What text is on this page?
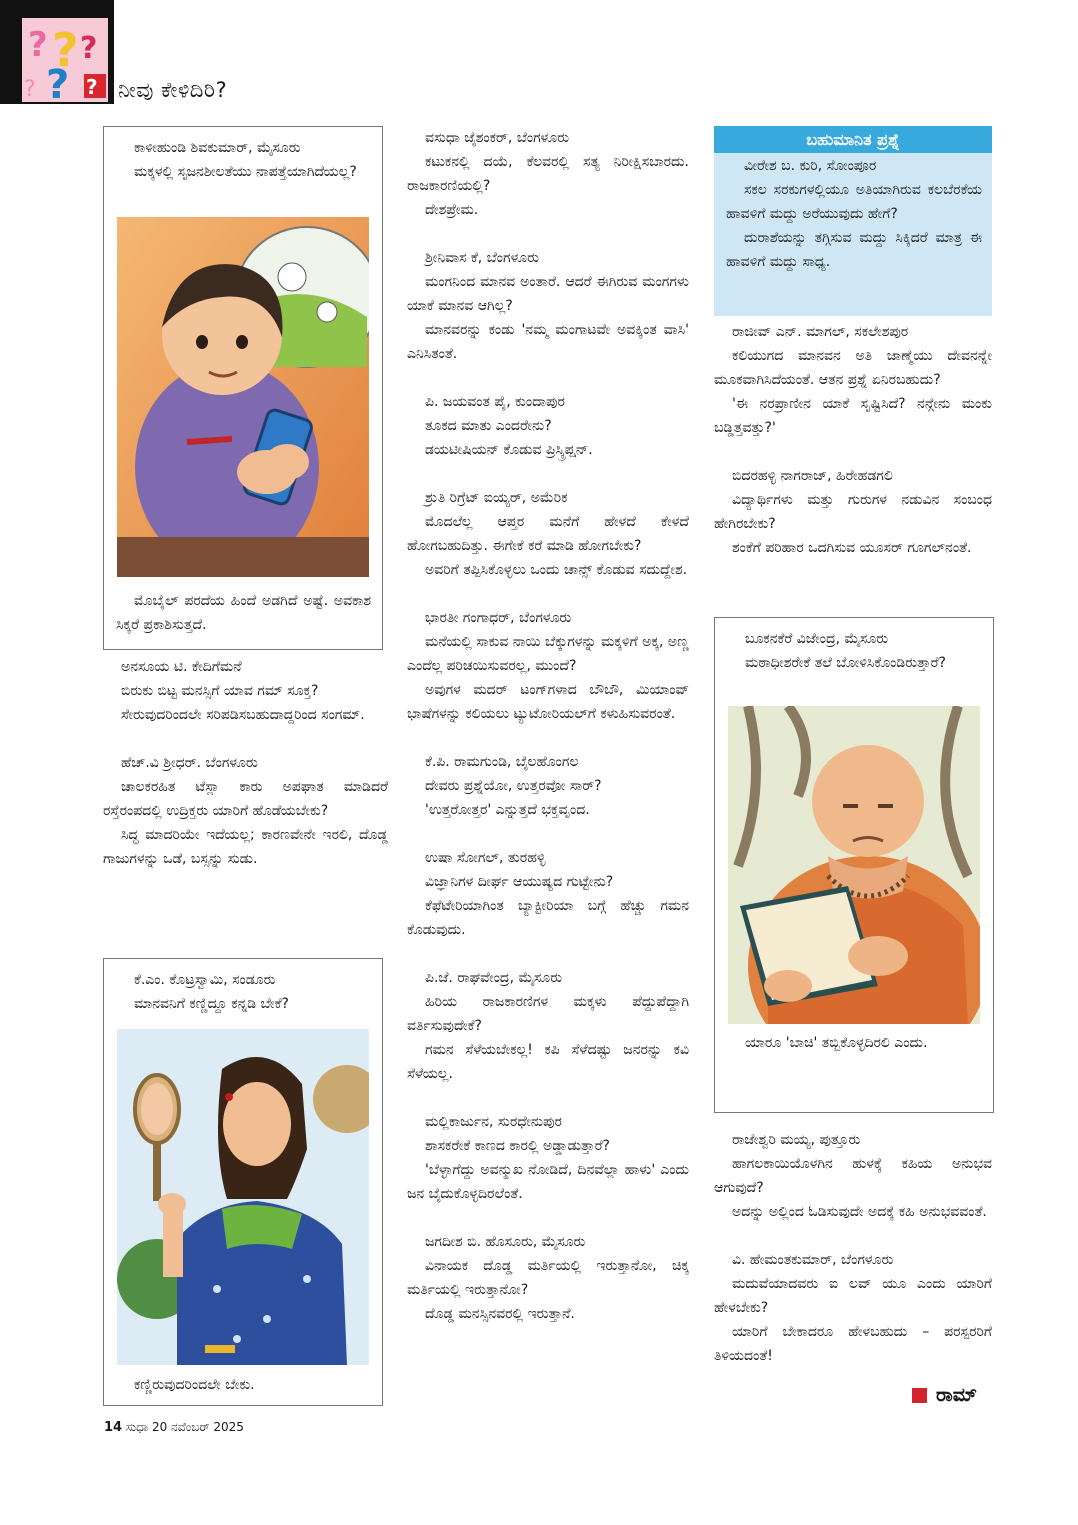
? ?
?
?
?
?	ನೀವು ಕೇಳಿದಿರಿ?

ಕಾಳೀಹುಂಡಿ ಶಿವಕುಮಾರ್, ಮೈಸೂರು

ಮಕ್ಕಳಲ್ಲಿ ಸೃಜನಶೀಲತೆಯು ನಾಪತ್ತೆಯಾಗಿದೆಯಲ್ಲ?

ಮೊಬೈಲ್ ಪರದೆಯ ಹಿಂದೆ ಅಡಗಿದೆ ಅಷ್ಟೆ. ಅವಕಾಶ ಸಿಕ್ಕರೆ ಪ್ರಕಾಶಿಸುತ್ತದೆ.

ಅನಸೂಯ ಟಿ. ಕೇದಿಗೆಮನೆ

ಬಿರುಕು ಬಿಟ್ಟ ಮನಸ್ಸಿಗೆ ಯಾವ ಗಮ್ ಸೂಕ್ತ?

ಸೇರುವುದರಿಂದಲೇ ಸರಿಪಡಿಸಬಹುದಾದ್ದರಿಂದ ಸಂಗಮ್.

ಹೆಚ್.ವಿ ಶ್ರೀಧರ್. ಬೆಂಗಳೂರು

ಚಾಲಕರಹಿತ ಟೆಸ್ಲಾ ಕಾರು ಅಪಘಾತ ಮಾಡಿದರೆ ರಸ್ತೆರಂಪದಲ್ಲಿ ಉದ್ರಿಕ್ತರು ಯಾರಿಗೆ ಹೊಡೆಯಬೇಕು?

ಸಿದ್ಧ ಮಾದರಿಯೇ ಇದೆಯಲ್ಲ; ಕಾರಣವೇನೇ ಇರಲಿ, ದೊಡ್ಡ ಗಾಜುಗಳನ್ನು ಒಡೆ, ಬಸ್ಸನ್ನು ಸುಡು.

ಕೆ.ಎಂ. ಕೊಟ್ರಸ್ವಾಮಿ, ಸಂಡೂರು

ಮಾನವನಿಗೆ ಕಣ್ಣಿದ್ದೂ ಕನ್ನಡಿ ಬೇಕೆ?

ಕಣ್ಣಿರುವುದರಿಂದಲೇ ಬೇಕು.

ವಸುಧಾ ಜೈಶಂಕರ್, ಬೆಂಗಳೂರು

ಕಟುಕನಲ್ಲಿ ದಯೆ, ಕೆಲವರಲ್ಲಿ ಸತ್ಯ ನಿರೀಕ್ಷಿಸಬಾರದು. ರಾಜಕಾರಣಿಯಲ್ಲಿ?

ದೇಶಪ್ರೇಮ.

ಶ್ರೀನಿವಾಸ ಕೆ, ಬೆಂಗಳೂರು

ಮಂಗನಿಂದ ಮಾನವ ಅಂತಾರೆ. ಆದರೆ ಈಗಿರುವ ಮಂಗಗಳು ಯಾಕೆ ಮಾನವ ಆಗಿಲ್ಲ?

ಮಾನವರನ್ನು ಕಂಡು 'ನಮ್ಮ ಮಂಗಾಟವೇ ಅವಕ್ಕಿಂತ ವಾಸಿ' ಎನಿಸಿತಂತೆ.

ಪಿ. ಜಯವಂತ ಪೈ, ಕುಂದಾಪುರ

ತೂಕದ ಮಾತು ಎಂದರೇನು?

ಡಯಟೀಷಿಯನ್ ಕೊಡುವ ಪ್ರಿಸ್ಕ್ರಿಪ್ಷನ್.

ಶ್ರುತಿ ರಿಗ್ರೆಟ್ ಐಯ್ಯರ್, ಅಮೆರಿಕ

ಮೊದಲೆಲ್ಲ ಆಪ್ತರ ಮನೆಗೆ ಹೇಳದೆ ಕೇಳದೆ ಹೋಗಬಹುದಿತ್ತು. ಈಗೇಕೆ ಕರೆ ಮಾಡಿ ಹೋಗಬೇಕು?

ಅವರಿಗೆ ತಪ್ಪಿಸಿಕೊಳ್ಳಲು ಒಂದು ಚಾನ್ಸ್ ಕೊಡುವ ಸದುದ್ದೇಶ.

ಭಾರತೀ ಗಂಗಾಧರ್, ಬೆಂಗಳೂರು

ಮನೆಯಲ್ಲಿ ಸಾಕುವ ನಾಯಿ ಬೆಕ್ಕುಗಳನ್ನು ಮಕ್ಕಳಿಗೆ ಅಕ್ಕ, ಅಣ್ಣ ಎಂದೆಲ್ಲ ಪರಿಚಯಿಸುವರಲ್ಲ, ಮುಂದೆ?

ಅವುಗಳ ಮದರ್ ಟಂಗ್‌ಗಳಾದ ಬೌಬೌ, ಮಿಯಾಂವ್ ಭಾಷೆಗಳನ್ನು ಕಲಿಯಲು ಟ್ಯುಟೋರಿಯಲ್‌ಗೆ ಕಳುಹಿಸುವರಂತೆ.

ಕೆ.ಪಿ. ರಾಮಗುಂಡಿ, ಬೈಲಹೊಂಗಲ

ದೇವರು ಪ್ರಶ್ನೆಯೋ, ಉತ್ತರವೋ ಸಾರ್?

'ಉತ್ತರೋತ್ತರ' ಎನ್ನುತ್ತದೆ ಭಕ್ತವೃಂದ.

ಉಷಾ ಸೋಗಲ್, ತುರಹಳ್ಳಿ

ವಿಜ್ಞಾನಿಗಳ ದೀರ್ಘ ಆಯುಷ್ಯದ ಗುಟ್ಟೇನು?

ಕೆಫೆಟೇರಿಯಾಗಿಂತ ಬ್ಯಾಕ್ಟೀರಿಯಾ ಬಗ್ಗೆ ಹೆಚ್ಚು ಗಮನ ಕೊಡುವುದು.

ಪಿ.ಜೆ. ರಾಘವೇಂದ್ರ, ಮೈಸೂರು

ಹಿರಿಯ ರಾಜಕಾರಣಿಗಳ ಮಕ್ಕಳು ಪೆದ್ದುಪೆದ್ದಾಗಿ ವರ್ತಿಸುವುದೇಕೆ?

ಗಮನ ಸೆಳೆಯಬೇಕಲ್ಲ! ಕಪಿ ಸೆಳೆದಷ್ಟು ಜನರನ್ನು ಕವಿ ಸೆಳೆಯಲ್ಲ.

ಮಲ್ಲಿಕಾರ್ಜುನ, ಸುರಧೇನುಪುರ

ಶಾಸಕರೇಕೆ ಕಾಣದ ಕಾರಲ್ಲಿ ಅಡ್ಡಾಡುತ್ತಾರೆ?

'ಬೆಳ್ಳಾಗೆದ್ದು ಅವನ್ಮುಖ ನೋಡಿದೆ, ದಿನವೆಲ್ಲಾ ಹಾಳು' ಎಂದು ಜನ ಬೈದುಕೊಳ್ಳದಿರಲೆಂತೆ.

ಜಗದೀಶ ಬಿ. ಹೊಸೂರು, ಮೈಸೂರು

ವಿನಾಯಕ ದೊಡ್ಡ ಮರ್ತಿಯಲ್ಲಿ ಇರುತ್ತಾನೋ, ಚಿಕ್ಕ ಮರ್ತಿಯಲ್ಲಿ ಇರುತ್ತಾನೋ?

ದೊಡ್ಡ ಮನಸ್ಸಿನವರಲ್ಲಿ ಇರುತ್ತಾನೆ.

ಬಹುಮಾನಿತ ಪ್ರಶ್ನೆ

ವೀರೇಶ ಬ. ಕುರಿ, ಸೋಂಪೂರ

ಸಕಲ ಸರಕುಗಳಲ್ಲಿಯೂ ಅತಿಯಾಗಿರುವ ಕಲಬೆರಕೆಯ ಹಾವಳಿಗೆ ಮದ್ದು ಅರೆಯುವುದು ಹೇಗೆ?

ದುರಾಶೆಯನ್ನು ತಗ್ಗಿಸುವ ಮದ್ದು ಸಿಕ್ಕಿದರೆ ಮಾತ್ರ ಈ ಹಾವಳಿಗೆ ಮದ್ದು ಸಾಧ್ಯ.

ರಾಜೀವ್ ಎನ್. ಮಾಗಲ್, ಸಕಲೇಶಪುರ

ಕಲಿಯುಗದ ಮಾನವನ ಅತಿ ಜಾಣ್ಮೆಯು ದೇವನನ್ನೇ ಮೂಕವಾಗಿಸಿದೆಯಂತೆ. ಆತನ ಪ್ರಶ್ನೆ ಏನಿರಬಹುದು?

'ಈ ನರಪ್ರಾಣೀನ ಯಾಕೆ ಸೃಷ್ಟಿಸಿದೆ? ನನ್ಗೇನು ಮಂಕು ಬಡ್ಡಿತ್ತವತ್ತು?'

ಬಿದರಹಳ್ಳಿ ನಾಗರಾಜ್, ಹಿರೇಹಡಗಲಿ

ವಿದ್ಯಾರ್ಥಿಗಳು ಮತ್ತು ಗುರುಗಳ ನಡುವಿನ ಸಂಬಂಧ ಹೇಗಿರಬೇಕು?

ಶಂಕೆಗೆ ಪರಿಹಾರ ಒದಗಿಸುವ ಯೂಸರ್ ಗೂಗಲ್‌ನಂತೆ.

ಬೂಕನಕೆರೆ ವಿಜೇಂದ್ರ, ಮೈಸೂರು

ಮಠಾಧೀಶರೇಕೆ ತಲೆ ಬೋಳಿಸಿಕೊಂಡಿರುತ್ತಾರೆ?

ಯಾರೂ 'ಬಾಚಿ' ತಬ್ಬಿಕೊಳ್ಳದಿರಲಿ ಎಂದು.

ರಾಜೇಶ್ವರಿ ಮಯ್ಯ, ಪುತ್ತೂರು

ಹಾಗಲಕಾಯಿಯೊಳಗಿನ ಹುಳಕ್ಕೆ ಕಹಿಯ ಅನುಭವ ಆಗುವುದೆ?

ಅದನ್ನು ಅಲ್ಲಿಂದ ಓಡಿಸುವುದೇ ಅದಕ್ಕೆ ಕಹಿ ಅನುಭವವಂತೆ.

ವಿ. ಹೇಮಂತಕುಮಾರ್, ಬೆಂಗಳೂರು

ಮದುವೆಯಾದವರು ಐ ಲವ್ ಯೂ ಎಂದು ಯಾರಿಗೆ ಹೇಳಬೇಕು?

ಯಾರಿಗೆ ಬೇಕಾದರೂ ಹೇಳಬಹುದು – ಪರಸ್ಪರರಿಗೆ ತಿಳಿಯದಂತೆ!

ರಾಮ್
14 ಸುಧಾ 20 ನವೆಂಬರ್ 2025
